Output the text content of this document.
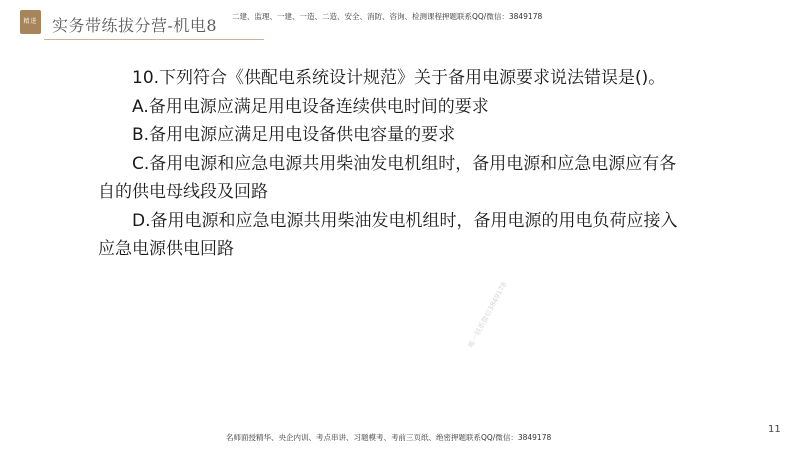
精进 实务带练拔分营-机电8 二建、监理、一建、一造、二造、安全、消防、咨询、检测课程押题联系QQ/微信：3849178

10.下列符合《供配电系统设计规范》关于备用电源要求说法错误是()。

A.备用电源应满足用电设备连续供电时间的要求

B.备用电源应满足用电设备供电容量的要求

C.备用电源和应急电源共用柴油发电机组时，备用电源和应急电源应有各自的供电母线段及回路

D.备用电源和应急电源共用柴油发电机组时，备用电源的用电负荷应接入应急电源供电回路

唯一联系微信3849178
名师面授精华、央企内训、考点串讲、习题模考、考前三页纸、绝密押题联系QQ/微信：3849178
11
